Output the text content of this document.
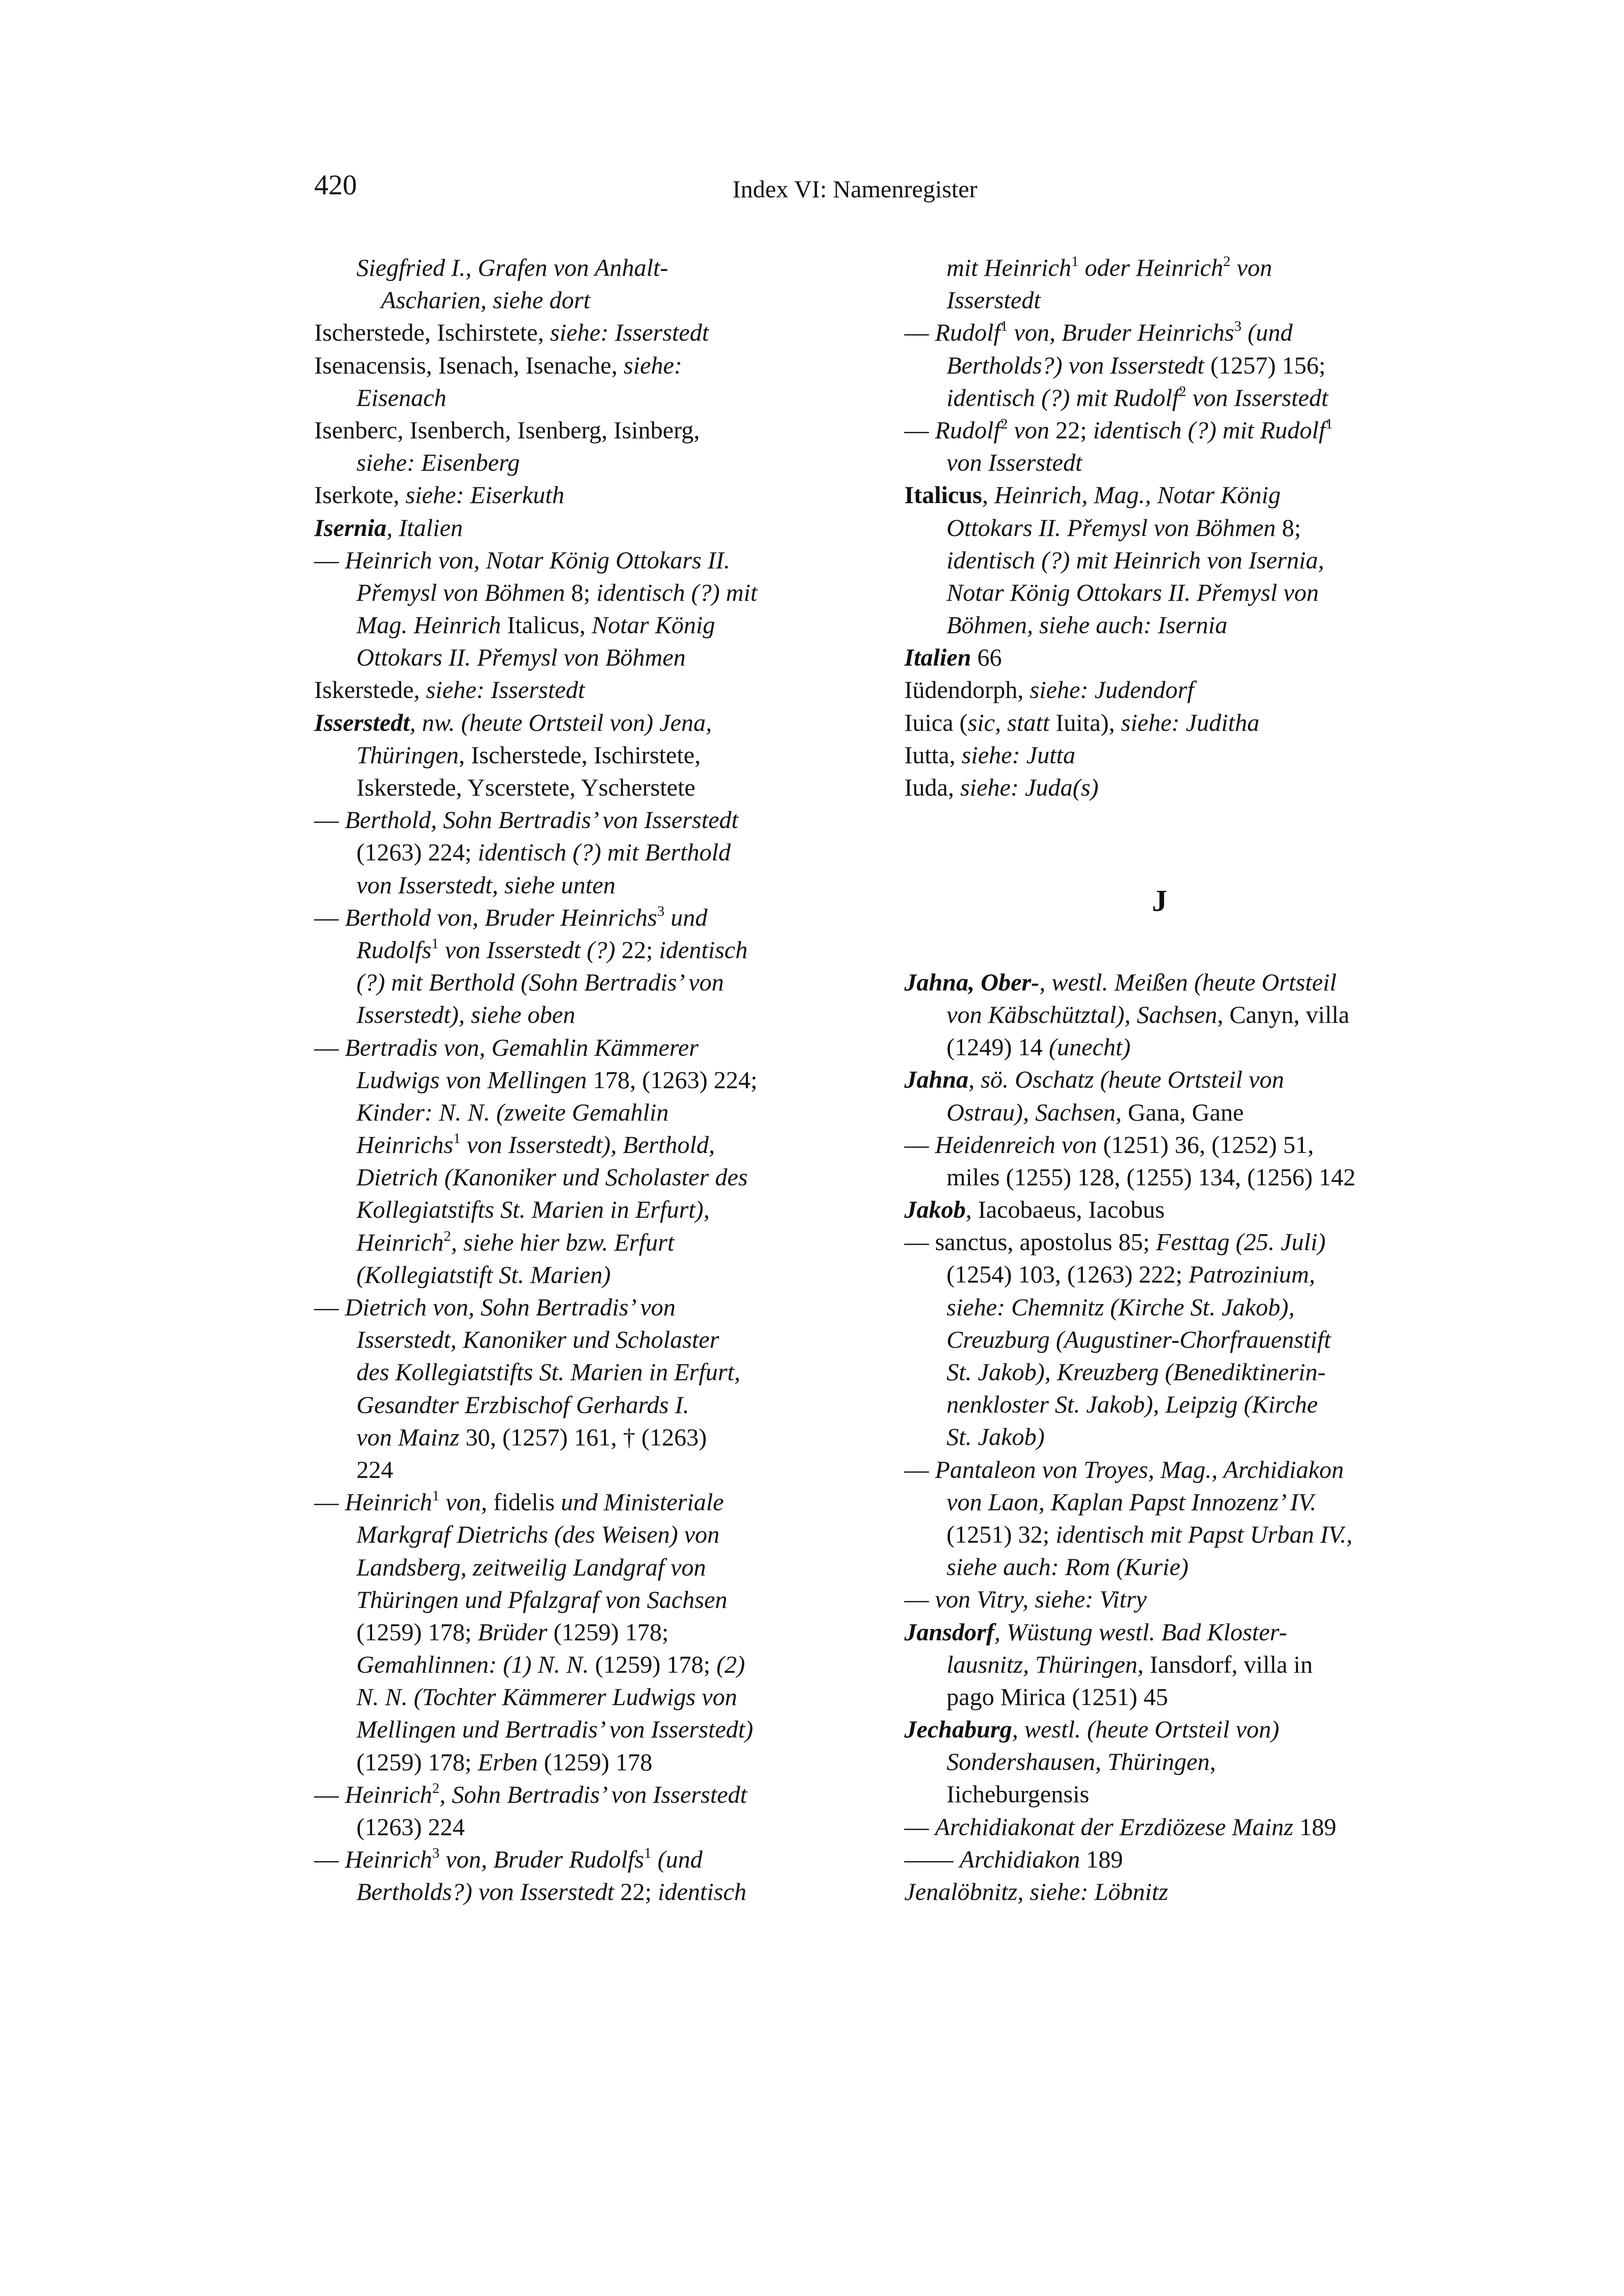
420	Index VI: Namenregister
Siegfried I., Grafen von Anhalt-
Ascharien, siehe dort
Ischerstede, Ischirstete, siehe: Isserstedt
Isenacensis, Isenach, Isenache, siehe:
Eisenach
Isenberc, Isenberch, Isenberg, Isinberg,
siehe: Eisenberg
Iserkote, siehe: Eiserkuth
Isernia, Italien
— Heinrich von, Notar König Ottokars II.
Přemysl von Böhmen 8; identisch (?) mit
Mag. Heinrich Italicus, Notar König
Ottokars II. Přemysl von Böhmen
Iskerstede, siehe: Isserstedt
Isserstedt, nw. (heute Ortsteil von) Jena,
Thüringen, Ischerstede, Ischirstete,
Iskerstede, Yscerstete, Yscherstete
— Berthold, Sohn Bertradis’ von Isserstedt
(1263) 224; identisch (?) mit Berthold
von Isserstedt, siehe unten
— Berthold von, Bruder Heinrichs$^3$ und
Rudolfs$^1$ von Isserstedt (?) 22; identisch
(?) mit Berthold (Sohn Bertradis’ von
Isserstedt), siehe oben
— Bertradis von, Gemahlin Kämmerer
Ludwigs von Mellingen 178, (1263) 224;
Kinder: N. N. (zweite Gemahlin
Heinrichs$^1$ von Isserstedt), Berthold,
Dietrich (Kanoniker und Scholaster des
Kollegiatstifts St. Marien in Erfurt),
Heinrich$^2$, siehe hier bzw. Erfurt
(Kollegiatstift St. Marien)
— Dietrich von, Sohn Bertradis’ von
Isserstedt, Kanoniker und Scholaster
des Kollegiatstifts St. Marien in Erfurt,
Gesandter Erzbischof Gerhards I.
von Mainz 30, (1257) 161, † (1263)
224
— Heinrich$^1$ von, fidelis und Ministeriale
Markgraf Dietrichs (des Weisen) von
Landsberg, zeitweilig Landgraf von
Thüringen und Pfalzgraf von Sachsen
(1259) 178; Brüder (1259) 178;
Gemahlinnen: (1) N. N. (1259) 178; (2)
N. N. (Tochter Kämmerer Ludwigs von
Mellingen und Bertradis’ von Isserstedt)
(1259) 178; Erben (1259) 178
— Heinrich$^2$, Sohn Bertradis’ von Isserstedt
(1263) 224
— Heinrich$^3$ von, Bruder Rudolfs$^1$ (und
Bertholds?) von Isserstedt 22; identisch
mit Heinrich$^1$ oder Heinrich$^2$ von
Isserstedt
— Rudolf$^1$ von, Bruder Heinrichs$^3$ (und
Bertholds?) von Isserstedt (1257) 156;
identisch (?) mit Rudolf$^2$ von Isserstedt
— Rudolf$^2$ von 22; identisch (?) mit Rudolf$^1$
von Isserstedt
Italicus, Heinrich, Mag., Notar König
Ottokars II. Přemysl von Böhmen 8;
identisch (?) mit Heinrich von Isernia,
Notar König Ottokars II. Přemysl von
Böhmen, siehe auch: Isernia
Italien 66
Iüdendorph, siehe: Judendorf
Iuica (sic, statt Iuita), siehe: Juditha
Iutta, siehe: Jutta
Iuda, siehe: Juda(s)
J
Jahna, Ober-, westl. Meißen (heute Ortsteil
von Käbschütztal), Sachsen, Canyn, villa
(1249) 14 (unecht)
Jahna, sö. Oschatz (heute Ortsteil von
Ostrau), Sachsen, Gana, Gane
— Heidenreich von (1251) 36, (1252) 51,
miles (1255) 128, (1255) 134, (1256) 142
Jakob, Iacobaeus, Iacobus
— sanctus, apostolus 85; Festtag (25. Juli)
(1254) 103, (1263) 222; Patrozinium,
siehe: Chemnitz (Kirche St. Jakob),
Creuzburg (Augustiner-Chorfrauenstift
St. Jakob), Kreuzberg (Benediktinerin-
nenkloster St. Jakob), Leipzig (Kirche
St. Jakob)
— Pantaleon von Troyes, Mag., Archidiakon
von Laon, Kaplan Papst Innozenz’ IV.
(1251) 32; identisch mit Papst Urban IV.,
siehe auch: Rom (Kurie)
— von Vitry, siehe: Vitry
Jansdorf, Wüstung westl. Bad Kloster-
lausnitz, Thüringen, Iansdorf, villa in
pago Mirica (1251) 45
Jechaburg, westl. (heute Ortsteil von)
Sondershausen, Thüringen,
Iicheburgensis
— Archidiakonat der Erzdiözese Mainz 189
—— Archidiakon 189
Jenalöbnitz, siehe: Löbnitz
